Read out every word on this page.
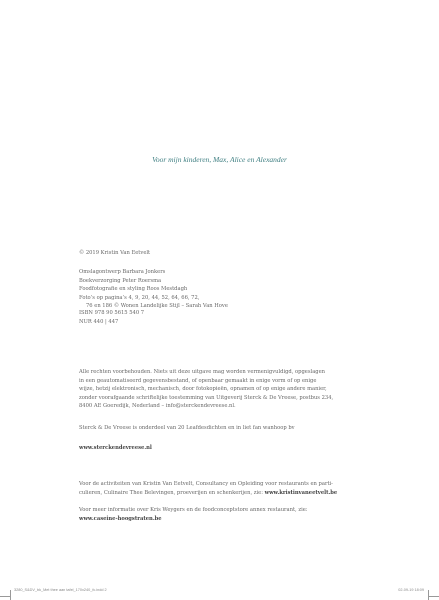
Voor mijn kinderen, Max, Alice en Alexander

© 2019 Kristin Van Eetvelt

Omslagontwerp Barbara Jonkers

Boekverzorging Peter Roersma

Foodfotografie en styling Roos Mestdagh

Foto’s op pagina’s 4, 9, 20, 44, 52, 64, 66, 72,

76 en 186 © Wonen Landelijke Stijl – Sarah Van Hove

ISBN 978 90 5615 540 7

NUR 440 | 447

Alle rechten voorbehouden. Niets uit deze uitgave mag worden vermenigvuldigd, opgeslagen

in een geautomatiseerd gegevensbestand, of openbaar gemaakt in enige vorm of op enige

wijze, hetzij elektronisch, mechanisch, door fotokopieën, opnamen of op enige andere manier,

zonder voorafgaande schriftelijke toestemming van Uitgeverij Sterck & De Vreese, postbus 234,

8400 AE Goeredijk, Nederland – info@sterckendevreese.nl.

Sterck & De Vreese is onderdeel van 20 Leafdesdichten en in liet fan wanhoop bv

www.sterckendevreese.nl

Voor de activiteiten van Kristin Van Eetvelt, Consultancy en Opleiding voor restaurants en parti-

culieren, Culinaire Thee Belevingen, proeverijen en schenkerijen, zie: www.kristinvaneetvelt.be

Voor meer informatie over Kris Weygers en de foodconceptstore annex restaurant, zie:

www.caseine-hoogstraten.be

3280_S&DV_bk_Met thee aan tafel_170x240_fc.indd 2	02-09-19 18:09
